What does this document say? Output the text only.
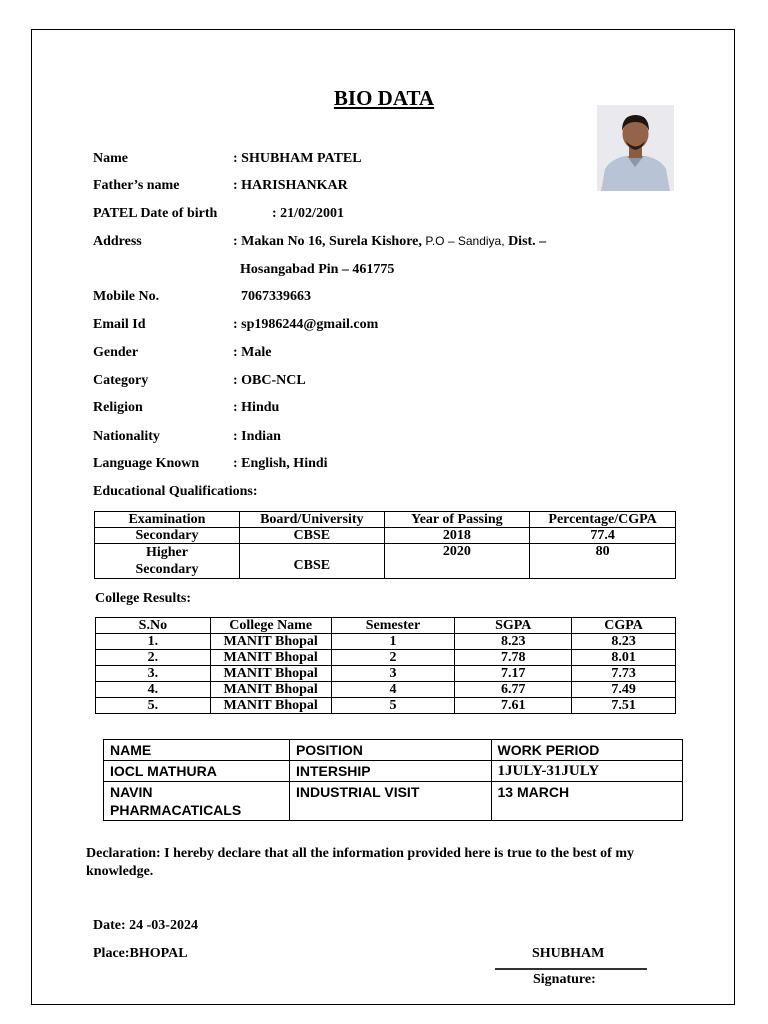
BIO DATA
Name	: SHUBHAM PATEL
Father’s name	: HARISHANKAR
PATEL Date of birth	: 21/02/2001
Address	: Makan No 16, Surela Kishore, P.O – Sandiya, Dist. –
Hosangabad Pin – 461775
Mobile No.	7067339663
Email Id	: sp1986244@gmail.com
Gender	: Male
Category	: OBC-NCL
Religion	: Hindu
Nationality	: Indian
Language Known : English, Hindi
Educational Qualifications:
Examination	Board/University	Year of Passing	Percentage/CGPA
Secondary	CBSE	2018	77.4
Higher Secondary	CBSE	2020	80
College Results:
S.No	College Name	Semester	SGPA	CGPA
1.	MANIT Bhopal	1	8.23	8.23
2.	MANIT Bhopal	2	7.78	8.01
3.	MANIT Bhopal	3	7.17	7.73
4.	MANIT Bhopal	4	6.77	7.49
5.	MANIT Bhopal	5	7.61	7.51
NAME	POSITION	WORK PERIOD
IOCL MATHURA	INTERSHIP	1JULY-31JULY
NAVIN PHARMACATICALS	INDUSTRIAL VISIT	13 MARCH
Declaration: I hereby declare that all the information provided here is true to the best of my knowledge.
Date: 24 -03-2024
Place:BHOPAL	SHUBHAM
Signature:
